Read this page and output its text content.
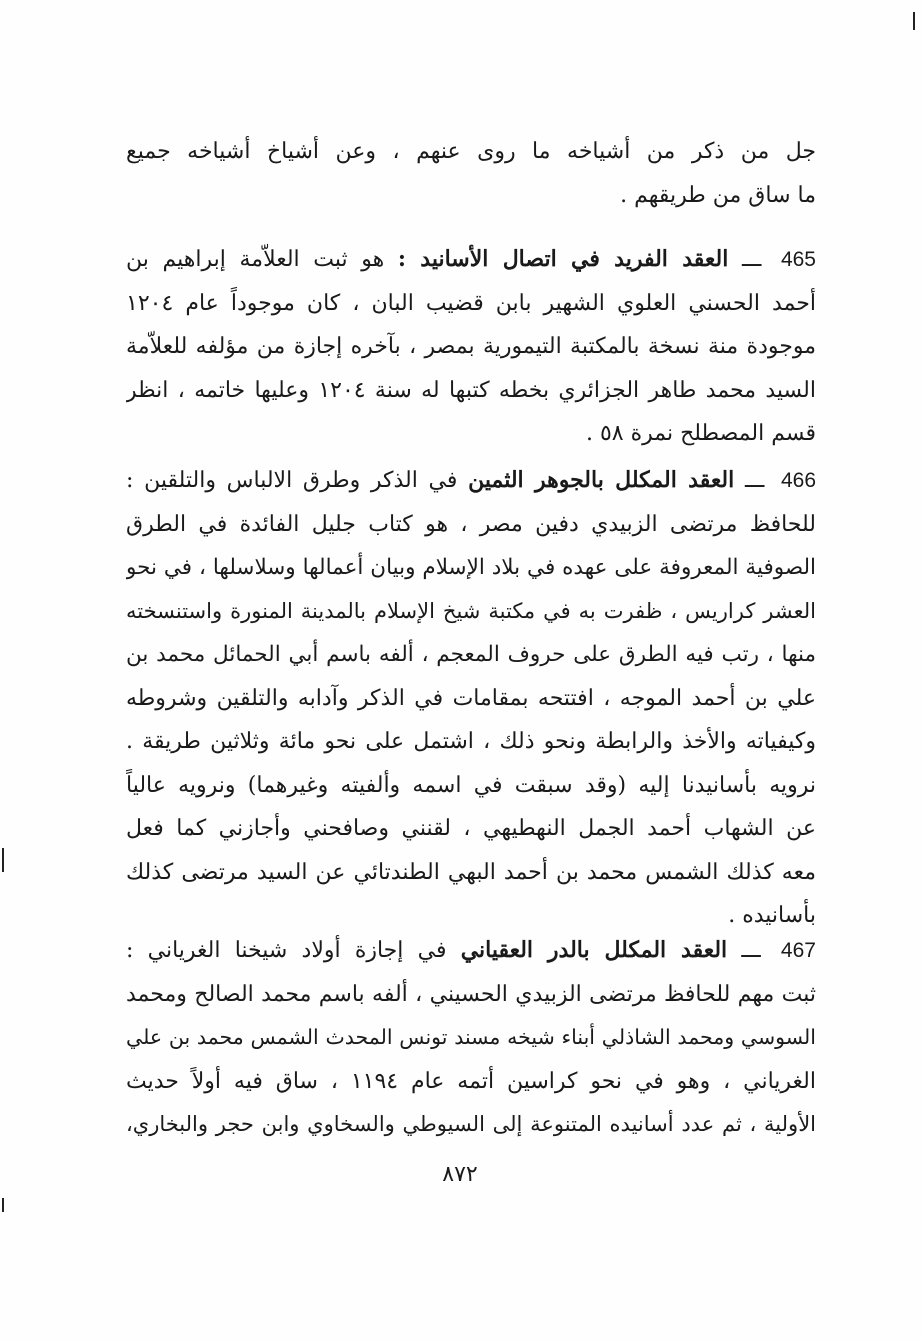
جل من ذكر من أشياخه ما روى عنهم ، وعن أشياخ أشياخه جميع
ما ساق من طريقهم .
465 ـــ العقد الفريد في اتصال الأسانيد : هو ثبت العلاّمة إبراهيم بن
أحمد الحسني العلوي الشهير بابن قضيب البان ، كان موجوداً عام ١٢٠٤
موجودة منة نسخة بالمكتبة التيمورية بمصر ، بآخره إجازة من مؤلفه للعلاّمة
السيد محمد طاهر الجزائري بخطه كتبها له سنة ١٢٠٤ وعليها خاتمه ، انظر
قسم المصطلح نمرة ٥٨ .
466 ـــ العقد المكلل بالجوهر الثمين في الذكر وطرق الالباس والتلقين :
للحافظ مرتضى الزبيدي دفين مصر ، هو كتاب جليل الفائدة في الطرق
الصوفية المعروفة على عهده في بلاد الإسلام وبيان أعمالها وسلاسلها ، في نحو
العشر كراريس ، ظفرت به في مكتبة شيخ الإسلام بالمدينة المنورة واستنسخته
منها ، رتب فيه الطرق على حروف المعجم ، ألفه باسم أبي الحمائل محمد بن
علي بن أحمد الموجه ، افتتحه بمقامات في الذكر وآدابه والتلقين وشروطه
وكيفياته والأخذ والرابطة ونحو ذلك ، اشتمل على نحو مائة وثلاثين طريقة .
نرويه بأسانيدنا إليه (وقد سبقت في اسمه وألفيته وغيرهما) ونرويه عالياً
عن الشهاب أحمد الجمل النهطيهي ، لقنني وصافحني وأجازني كما فعل
معه كذلك الشمس محمد بن أحمد البهي الطندتائي عن السيد مرتضى كذلك
بأسانيده .
467 ـــ العقد المكلل بالدر العقياني في إجازة أولاد شيخنا الغرياني :
ثبت مهم للحافظ مرتضى الزبيدي الحسيني ، ألفه باسم محمد الصالح ومحمد
السوسي ومحمد الشاذلي أبناء شيخه مسند تونس المحدث الشمس محمد بن علي
الغرياني ، وهو في نحو كراسين أتمه عام ١١٩٤ ، ساق فيه أولاً حديث
الأولية ، ثم عدد أسانيده المتنوعة إلى السيوطي والسخاوي وابن حجر والبخاري،
٨٧٢
